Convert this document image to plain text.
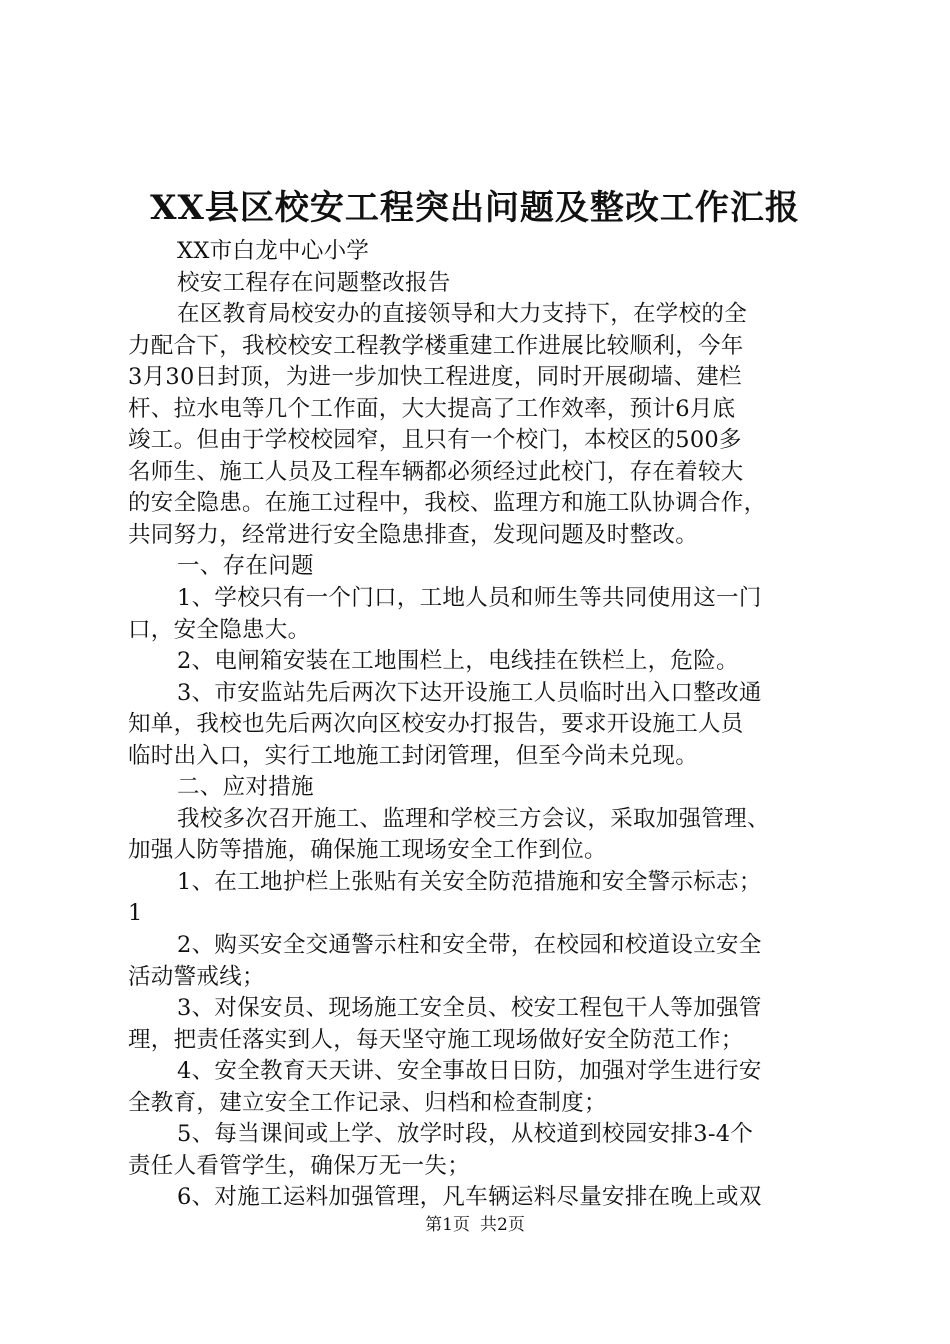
XX县区校安工程突出问题及整改工作汇报
XX市白龙中心小学
校安工程存在问题整改报告
在区教育局校安办的直接领导和大力支持下，在学校的全
力配合下，我校校安工程教学楼重建工作进展比较顺利，今年
3月30日封顶，为进一步加快工程进度，同时开展砌墙、建栏
杆、拉水电等几个工作面，大大提高了工作效率，预计6月底
竣工。但由于学校校园窄，且只有一个校门，本校区的500多
名师生、施工人员及工程车辆都必须经过此校门，存在着较大
的安全隐患。在施工过程中，我校、监理方和施工队协调合作，
共同努力，经常进行安全隐患排查，发现问题及时整改。
一、存在问题
1、学校只有一个门口，工地人员和师生等共同使用这一门
口，安全隐患大。
2、电闸箱安装在工地围栏上，电线挂在铁栏上，危险。
3、市安监站先后两次下达开设施工人员临时出入口整改通
知单，我校也先后两次向区校安办打报告，要求开设施工人员
临时出入口，实行工地施工封闭管理，但至今尚未兑现。
二、应对措施
我校多次召开施工、监理和学校三方会议，采取加强管理、
加强人防等措施，确保施工现场安全工作到位。
1、在工地护栏上张贴有关安全防范措施和安全警示标志；
1
2、购买安全交通警示柱和安全带，在校园和校道设立安全
活动警戒线；
3、对保安员、现场施工安全员、校安工程包干人等加强管
理，把责任落实到人，每天坚守施工现场做好安全防范工作；
4、安全教育天天讲、安全事故日日防，加强对学生进行安
全教育，建立安全工作记录、归档和检查制度；
5、每当课间或上学、放学时段，从校道到校园安排3-4个
责任人看管学生，确保万无一失；
6、对施工运料加强管理，凡车辆运料尽量安排在晚上或双
第1页 共2页
